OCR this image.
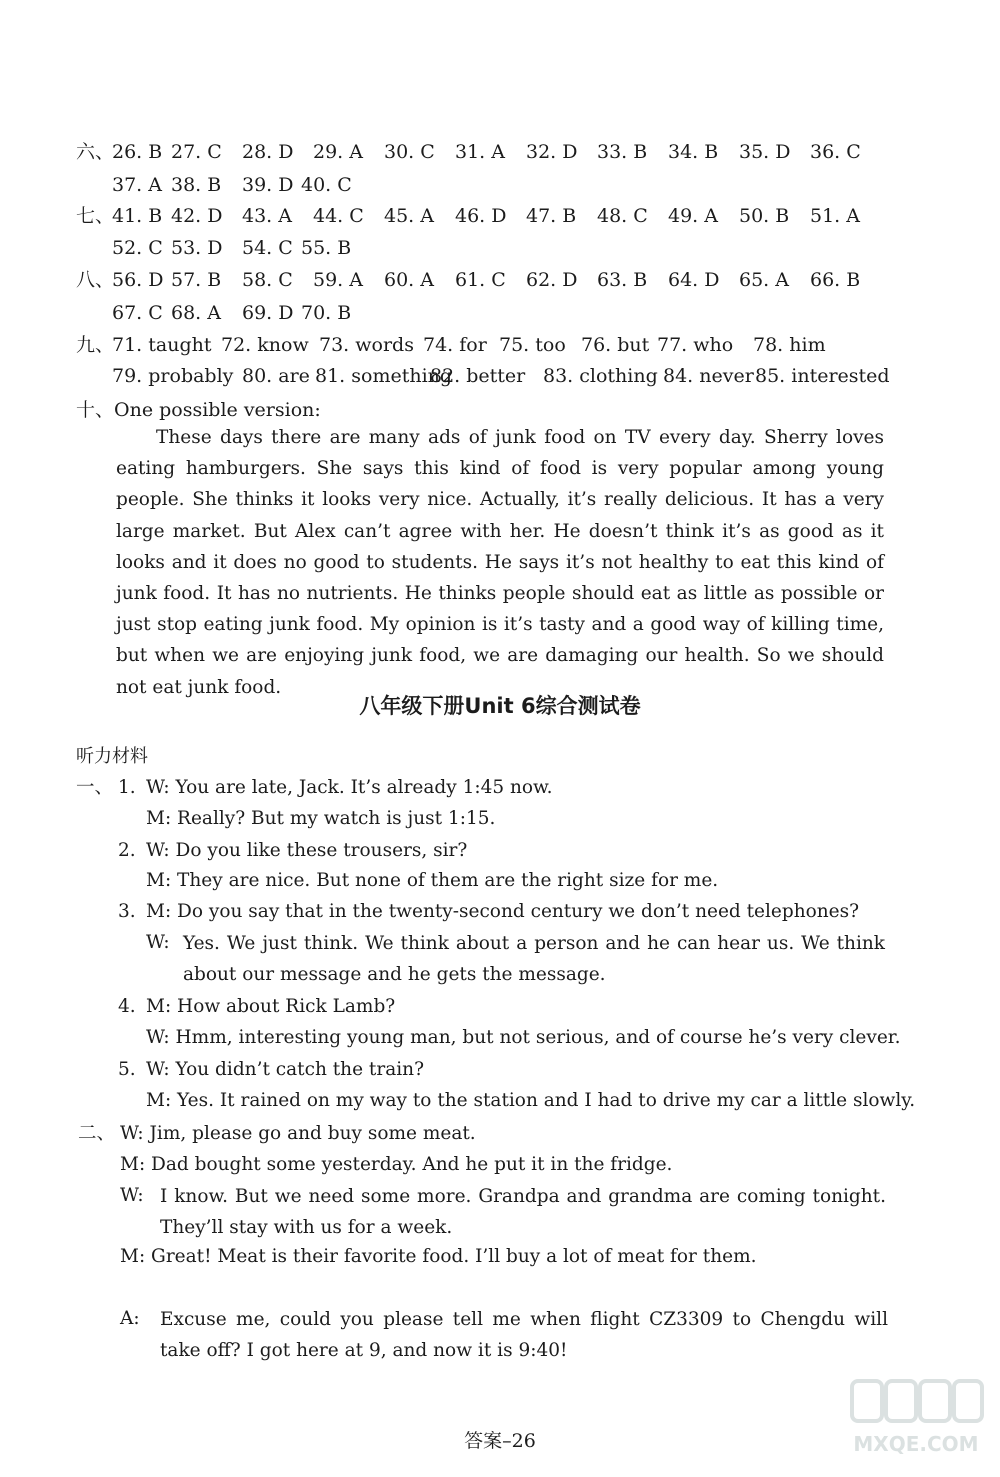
六、
26. B 27. C 28. D 29. A 30. C 31. A 32. D 33. B 34. B 35. D 36. C
37. A 38. B 39. D 40. C
七、
41. B 42. D 43. A 44. C 45. A 46. D 47. B 48. C 49. A 50. B 51. A
52. C 53. D 54. C 55. B
八、
56. D 57. B 58. C 59. A 60. A 61. C 62. D 63. B 64. D 65. A 66. B
67. C 68. A 69. D 70. B
九、
71. taught 72. know 73. words 74. for 75. too 76. but 77. who 78. him
79. probably 80. are 81. something82. better 83. clothing 84. never85. interested
十、One possible version:

These days there are many ads of junk food on TV every day. Sherry loves eating hamburgers. She says this kind of food is very popular among young people. She thinks it looks very nice. Actually, it’s really delicious. It has a very large market. But Alex can’t agree with her. He doesn’t think it’s as good as it looks and it does no good to students. He says it’s not healthy to eat this kind of junk food. It has no nutrients. He thinks people should eat as little as possible or just stop eating junk food. My opinion is it’s tasty and a good way of killing time, but when we are enjoying junk food, we are damaging our health. So we should not eat junk food.

八年级下册Unit 6综合测试卷
听力材料
一、 1. W: You are late, Jack. It’s already 1:45 now.
M: Really? But my watch is just 1:15.
2. W: Do you like these trousers, sir?
M: They are nice. But none of them are the right size for me.
3. M: Do you say that in the twenty-second century we don’t need telephones?
W: Yes. We just think. We think about a person and he can hear us. We think about our message and he gets the message.
4. M: How about Rick Lamb?
W: Hmm, interesting young man, but not serious, and of course he’s very clever.
5. W: You didn’t catch the train?
M: Yes. It rained on my way to the station and I had to drive my car a little slowly.
二、 W: Jim, please go and buy some meat.
M: Dad bought some yesterday. And he put it in the fridge.
W: I know. But we need some more. Grandpa and grandma are coming tonight. They’ll stay with us for a week.
M: Great! Meat is their favorite food. I’ll buy a lot of meat for them.
A: Excuse me, could you please tell me when flight CZ3309 to Chengdu will take off? I got here at 9, and now it is 9:40!
答案–26	MXQE.COM
